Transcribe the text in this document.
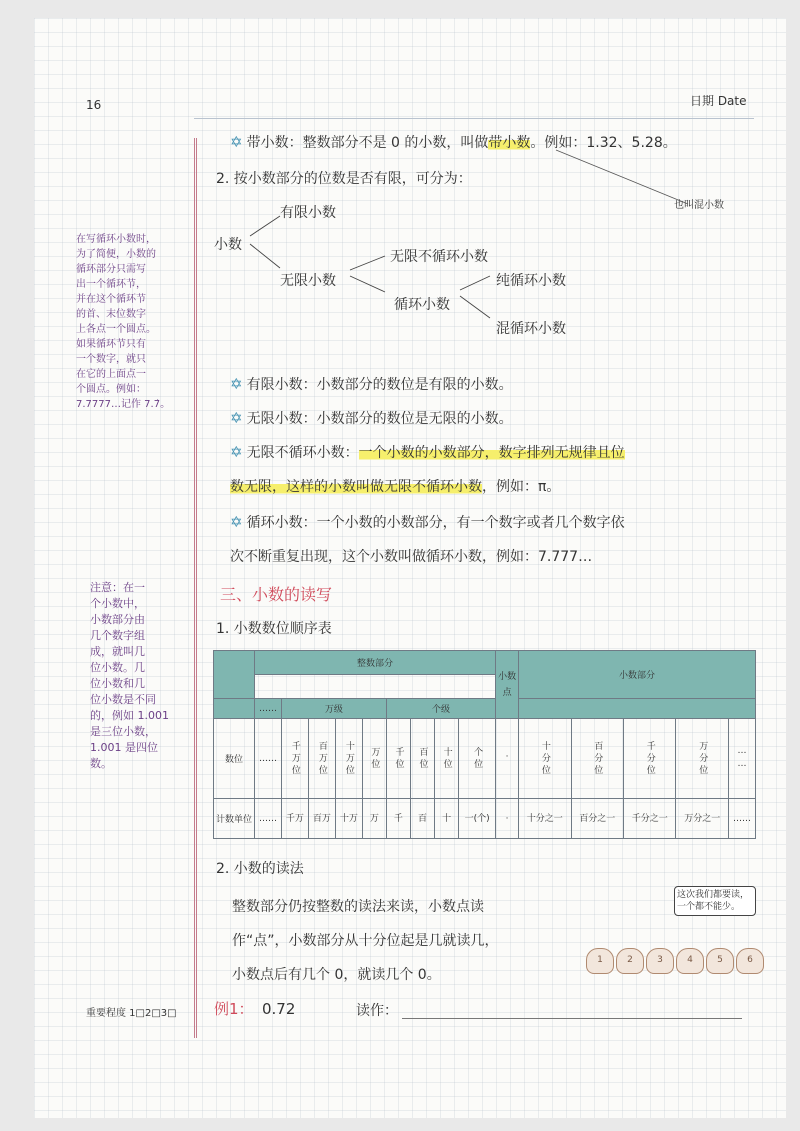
16	日期 Date
✡ 带小数：整数部分不是 0 的小数，叫做带小数。例如：1.32、5.28。
也叫混小数
2. 按小数部分的位数是否有限，可分为：
有限小数
小数
无限小数
无限不循环小数
循环小数
纯循环小数
混循环小数
✡ 有限小数：小数部分的数位是有限的小数。
✡ 无限小数：小数部分的数位是无限的小数。
✡ 无限不循环小数：一个小数的小数部分，数字排列无规律且位
数无限，这样的小数叫做无限不循环小数，例如：π。
✡ 循环小数：一个小数的小数部分，有一个数字或者几个数字依
次不断重复出现，这个小数叫做循环小数，例如：7.777…
三、小数的读写
1. 小数数位顺序表
在写循环小数时，
为了简便，小数的
循环部分只需写
出一个循环节，
并在这个循环节
的首、末位数字
上各点一个圆点。
如果循环节只有
一个数字，就只
在它的上面点一
个圆点。例如：
7.7777…记作 7.7̇。
注意：在一
个小数中，
小数部分由
几个数字组
成，就叫几
位小数。几
位小数和几
位小数是不同
的，例如 1.001
是三位小数，
1.001 是四位
数。
重要程度 1□2□3□
2. 小数的读法
整数部分仍按整数的读法来读，小数点读
作“点”，小数部分从十分位起是几就读几，
小数点后有几个 0，就读几个 0。
例1： 0.72	读作：
这次我们都要读，一个都不能少。
1	2	3	4	5	6
	整数部分									小数点	小数部分				

	……	万级				个级									
数位	……	千万位	百万位	十万位	万位	千位	百位	十位	个位	·	十分位	百分位	千分位	万分位	……
计数单位	……	千万	百万	十万	万	千	百	十	一(个)	·	十分之一	百分之一	千分之一	万分之一	……
